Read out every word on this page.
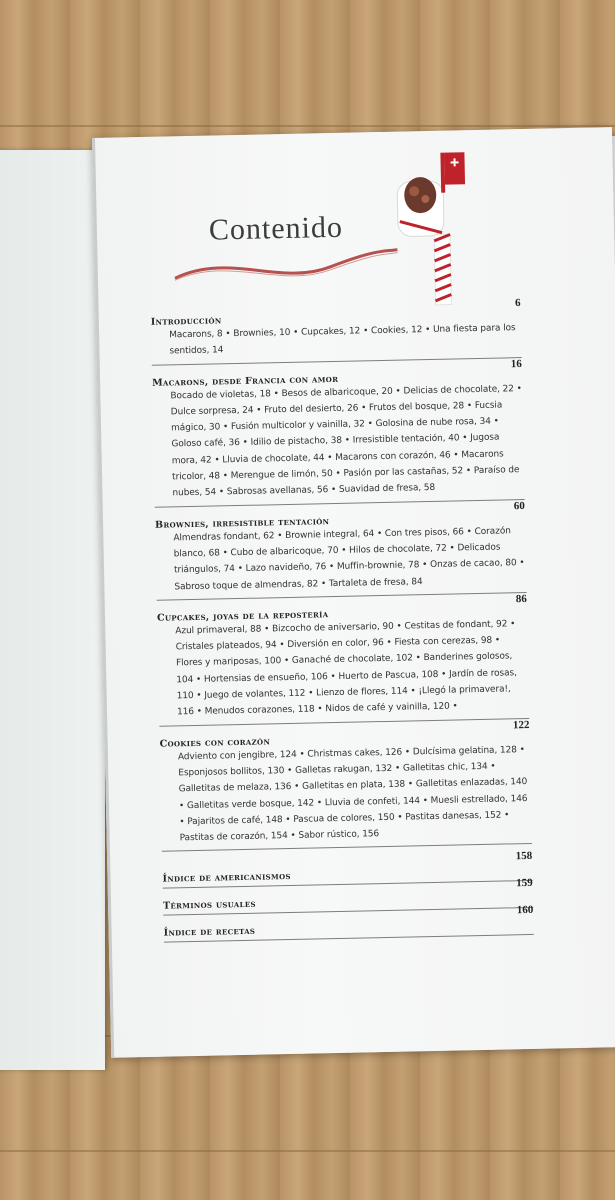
Contenido
6
Introducción
Macarons, 8 • Brownies, 10 • Cupcakes, 12 • Cookies, 12 • Una fiesta para los sentidos, 14
16
Macarons, desde Francia con amor
Bocado de violetas, 18 • Besos de albaricoque, 20 • Delicias de chocolate, 22 • Dulce sorpresa, 24 • Fruto del desierto, 26 • Frutos del bosque, 28 • Fucsia mágico, 30 • Fusión multicolor y vainilla, 32 • Golosina de nube rosa, 34 • Goloso café, 36 • Idilio de pistacho, 38 • Irresistible tentación, 40 • Jugosa mora, 42 • Lluvia de chocolate, 44 • Macarons con corazón, 46 • Macarons tricolor, 48 • Merengue de limón, 50 • Pasión por las castañas, 52 • Paraíso de nubes, 54 • Sabrosas avellanas, 56 • Suavidad de fresa, 58
60
Brownies, irresistible tentación
Almendras fondant, 62 • Brownie integral, 64 • Con tres pisos, 66 • Corazón blanco, 68 • Cubo de albaricoque, 70 • Hilos de chocolate, 72 • Delicados triángulos, 74 • Lazo navideño, 76 • Muffin-brownie, 78 • Onzas de cacao, 80 • Sabroso toque de almendras, 82 • Tartaleta de fresa, 84
86
Cupcakes, joyas de la repostería
Azul primaveral, 88 • Bizcocho de aniversario, 90 • Cestitas de fondant, 92 • Cristales plateados, 94 • Diversión en color, 96 • Fiesta con cerezas, 98 • Flores y mariposas, 100 • Ganaché de chocolate, 102 • Banderines golosos, 104 • Hortensias de ensueño, 106 • Huerto de Pascua, 108 • Jardín de rosas, 110 • Juego de volantes, 112 • Lienzo de flores, 114 • ¡Llegó la primavera!, 116 • Menudos corazones, 118 • Nidos de café y vainilla, 120 •
122
Cookies con corazón
Adviento con jengibre, 124 • Christmas cakes, 126 • Dulcísima gelatina, 128 • Esponjosos bollitos, 130 • Galletas rakugan, 132 • Galletitas chic, 134 • Galletitas de melaza, 136 • Galletitas en plata, 138 • Galletitas enlazadas, 140 • Galletitas verde bosque, 142 • Lluvia de confeti, 144 • Muesli estrellado, 146 • Pajaritos de café, 148 • Pascua de colores, 150 • Pastitas danesas, 152 • Pastitas de corazón, 154 • Sabor rústico, 156
158
Índice de americanismos	159
Términos usuales	160
Índice de recetas
